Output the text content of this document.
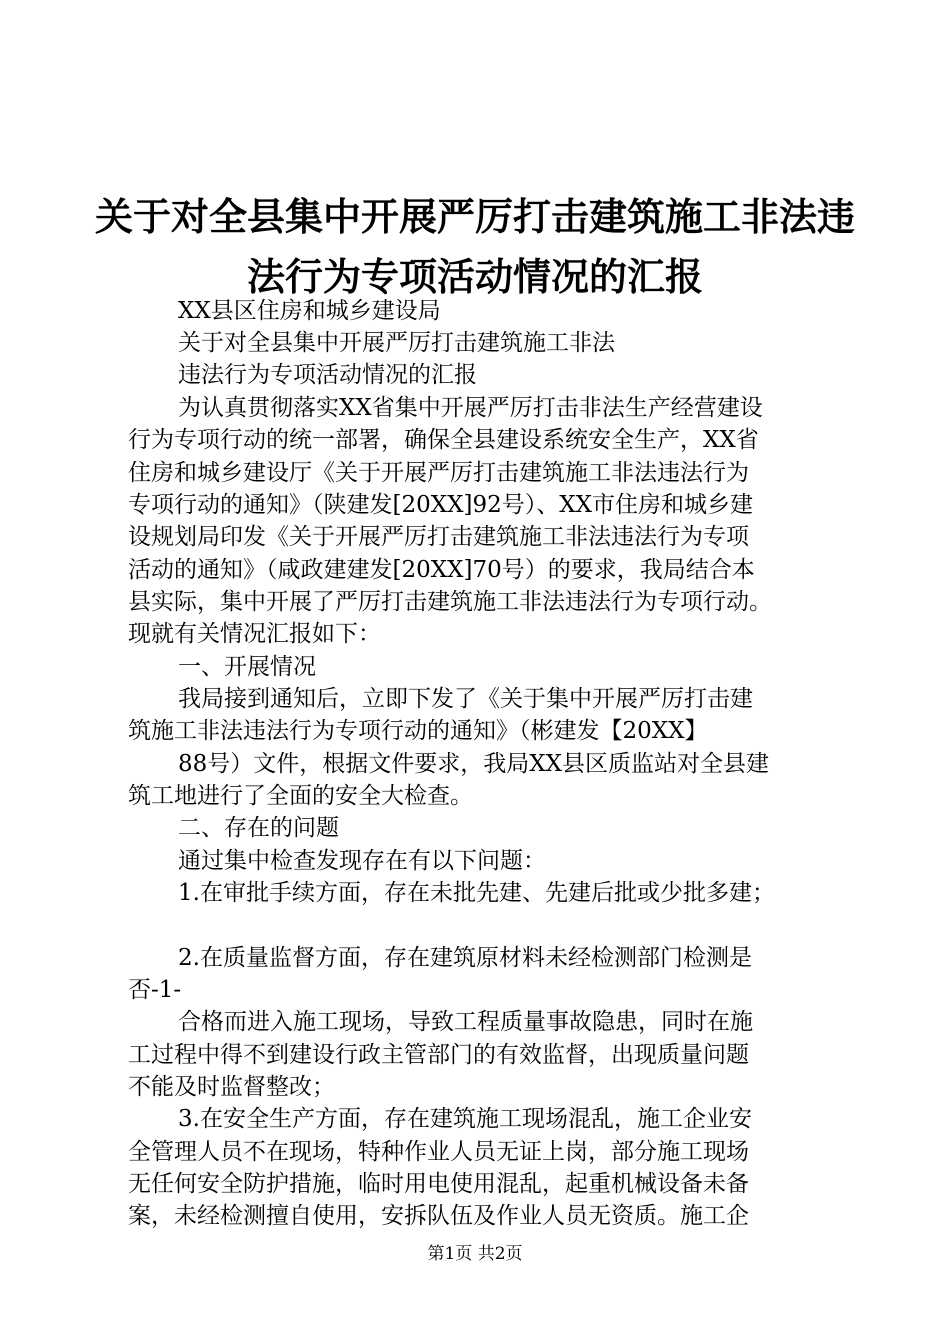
关于对全县集中开展严厉打击建筑施工非法违
法行为专项活动情况的汇报
XX县区住房和城乡建设局
关于对全县集中开展严厉打击建筑施工非法
违法行为专项活动情况的汇报
为认真贯彻落实XX省集中开展严厉打击非法生产经营建设
行为专项行动的统一部署，确保全县建设系统安全生产，XX省
住房和城乡建设厅《关于开展严厉打击建筑施工非法违法行为
专项行动的通知》（陕建发[20XX]92号）、XX市住房和城乡建
设规划局印发《关于开展严厉打击建筑施工非法违法行为专项
活动的通知》（咸政建建发[20XX]70号）的要求，我局结合本
县实际，集中开展了严厉打击建筑施工非法违法行为专项行动。
现就有关情况汇报如下：
一、开展情况
我局接到通知后，立即下发了《关于集中开展严厉打击建
筑施工非法违法行为专项行动的通知》（彬建发【20XX】
88号）文件，根据文件要求，我局XX县区质监站对全县建
筑工地进行了全面的安全大检查。
二、存在的问题
通过集中检查发现存在有以下问题：
1.在审批手续方面，存在未批先建、先建后批或少批多建；
2.在质量监督方面，存在建筑原材料未经检测部门检测是
否-1-
合格而进入施工现场，导致工程质量事故隐患，同时在施
工过程中得不到建设行政主管部门的有效监督，出现质量问题
不能及时监督整改；
3.在安全生产方面，存在建筑施工现场混乱，施工企业安
全管理人员不在现场，特种作业人员无证上岗，部分施工现场
无任何安全防护措施，临时用电使用混乱，起重机械设备未备
案，未经检测擅自使用，安拆队伍及作业人员无资质。施工企
第1页 共2页
